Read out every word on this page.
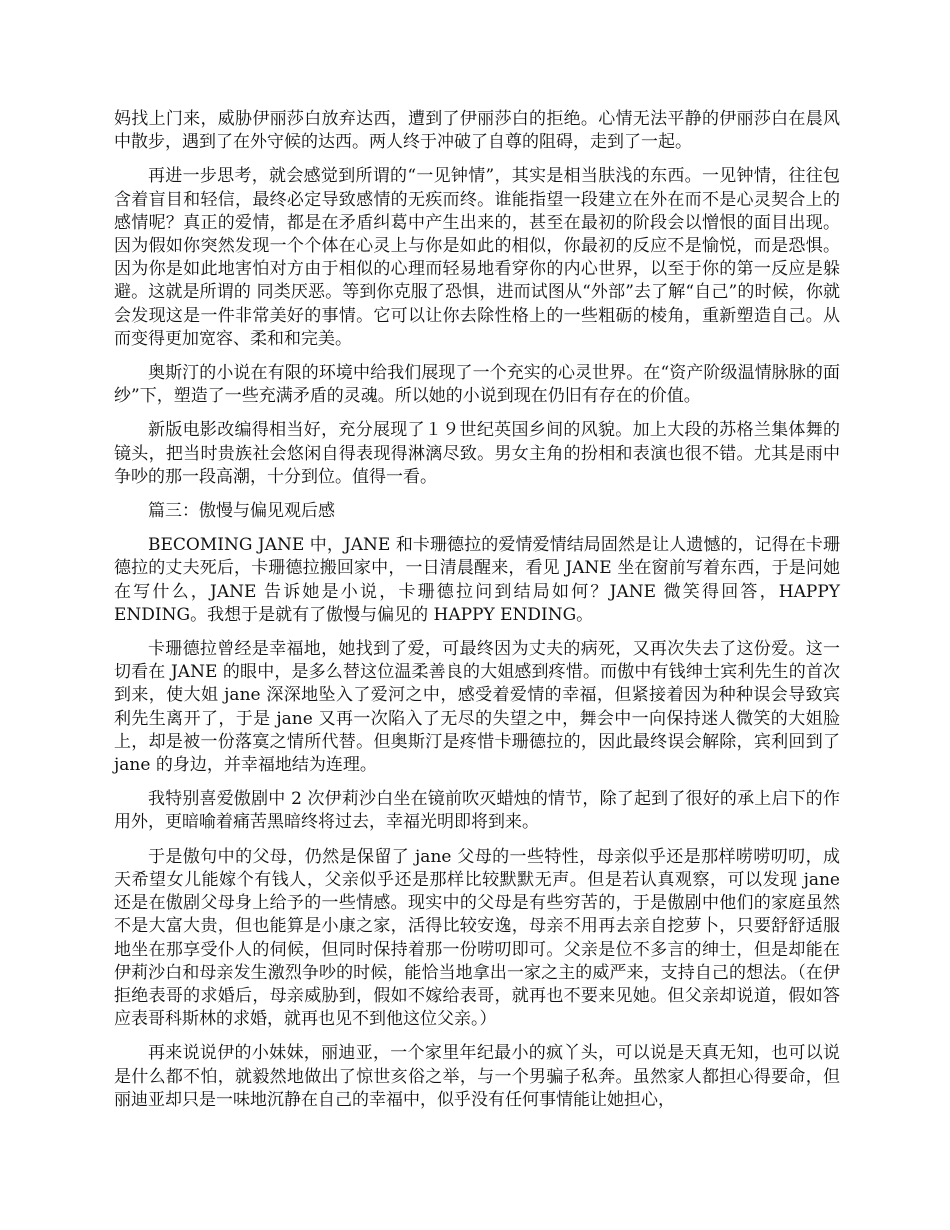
妈找上门来，威胁伊丽莎白放弃达西，遭到了伊丽莎白的拒绝。心情无法平静的伊丽莎白在晨风中散步，遇到了在外守候的达西。两人终于冲破了自尊的阻碍，走到了一起。

再进一步思考，就会感觉到所谓的“一见钟情”，其实是相当肤浅的东西。一见钟情，往往包含着盲目和轻信，最终必定导致感情的无疾而终。谁能指望一段建立在外在而不是心灵契合上的感情呢？真正的爱情，都是在矛盾纠葛中产生出来的，甚至在最初的阶段会以憎恨的面目出现。因为假如你突然发现一个个体在心灵上与你是如此的相似，你最初的反应不是愉悦，而是恐惧。因为你是如此地害怕对方由于相似的心理而轻易地看穿你的内心世界，以至于你的第一反应是躲避。这就是所谓的 同类厌恶。等到你克服了恐惧，进而试图从“外部”去了解“自己”的时候，你就会发现这是一件非常美好的事情。它可以让你去除性格上的一些粗砺的棱角，重新塑造自己。从而变得更加宽容、柔和和完美。

奥斯汀的小说在有限的环境中给我们展现了一个充实的心灵世界。在“资产阶级温情脉脉的面纱”下，塑造了一些充满矛盾的灵魂。所以她的小说到现在仍旧有存在的价值。

新版电影改编得相当好，充分展现了１９世纪英国乡间的风貌。加上大段的苏格兰集体舞的镜头，把当时贵族社会悠闲自得表现得淋漓尽致。男女主角的扮相和表演也很不错。尤其是雨中争吵的那一段高潮，十分到位。值得一看。

篇三：傲慢与偏见观后感

BECOMING JANE 中，JANE 和卡珊德拉的爱情爱情结局固然是让人遗憾的，记得在卡珊德拉的丈夫死后，卡珊德拉搬回家中，一日清晨醒来，看见 JANE 坐在窗前写着东西，于是问她在写什么，JANE 告诉她是小说，卡珊德拉问到结局如何？JANE 微笑得回答，HAPPY ENDING。我想于是就有了傲慢与偏见的 HAPPY ENDING。

卡珊德拉曾经是幸福地，她找到了爱，可最终因为丈夫的病死，又再次失去了这份爱。这一切看在 JANE 的眼中，是多么替这位温柔善良的大姐感到疼惜。而傲中有钱绅士宾利先生的首次到来，使大姐 jane 深深地坠入了爱河之中，感受着爱情的幸福，但紧接着因为种种误会导致宾利先生离开了，于是 jane 又再一次陷入了无尽的失望之中，舞会中一向保持迷人微笑的大姐脸上，却是被一份落寞之情所代替。但奥斯汀是疼惜卡珊德拉的，因此最终误会解除，宾利回到了 jane 的身边，并幸福地结为连理。

我特别喜爱傲剧中 2 次伊莉沙白坐在镜前吹灭蜡烛的情节，除了起到了很好的承上启下的作用外，更暗喻着痛苦黑暗终将过去，幸福光明即将到来。

于是傲句中的父母，仍然是保留了 jane 父母的一些特性，母亲似乎还是那样唠唠叨叨，成天希望女儿能嫁个有钱人，父亲似乎还是那样比较默默无声。但是若认真观察，可以发现 jane 还是在傲剧父母身上给予的一些情感。现实中的父母是有些穷苦的，于是傲剧中他们的家庭虽然不是大富大贵，但也能算是小康之家，活得比较安逸，母亲不用再去亲自挖萝卜，只要舒舒适服地坐在那享受仆人的伺候，但同时保持着那一份唠叨即可。父亲是位不多言的绅士，但是却能在伊莉沙白和母亲发生激烈争吵的时候，能恰当地拿出一家之主的威严来，支持自己的想法。（在伊拒绝表哥的求婚后，母亲威胁到，假如不嫁给表哥，就再也不要来见她。但父亲却说道，假如答应表哥科斯林的求婚，就再也见不到他这位父亲。）

再来说说伊的小妹妹，丽迪亚，一个家里年纪最小的疯丫头，可以说是天真无知，也可以说是什么都不怕，就毅然地做出了惊世亥俗之举，与一个男骗子私奔。虽然家人都担心得要命，但丽迪亚却只是一味地沉静在自己的幸福中，似乎没有任何事情能让她担心，
